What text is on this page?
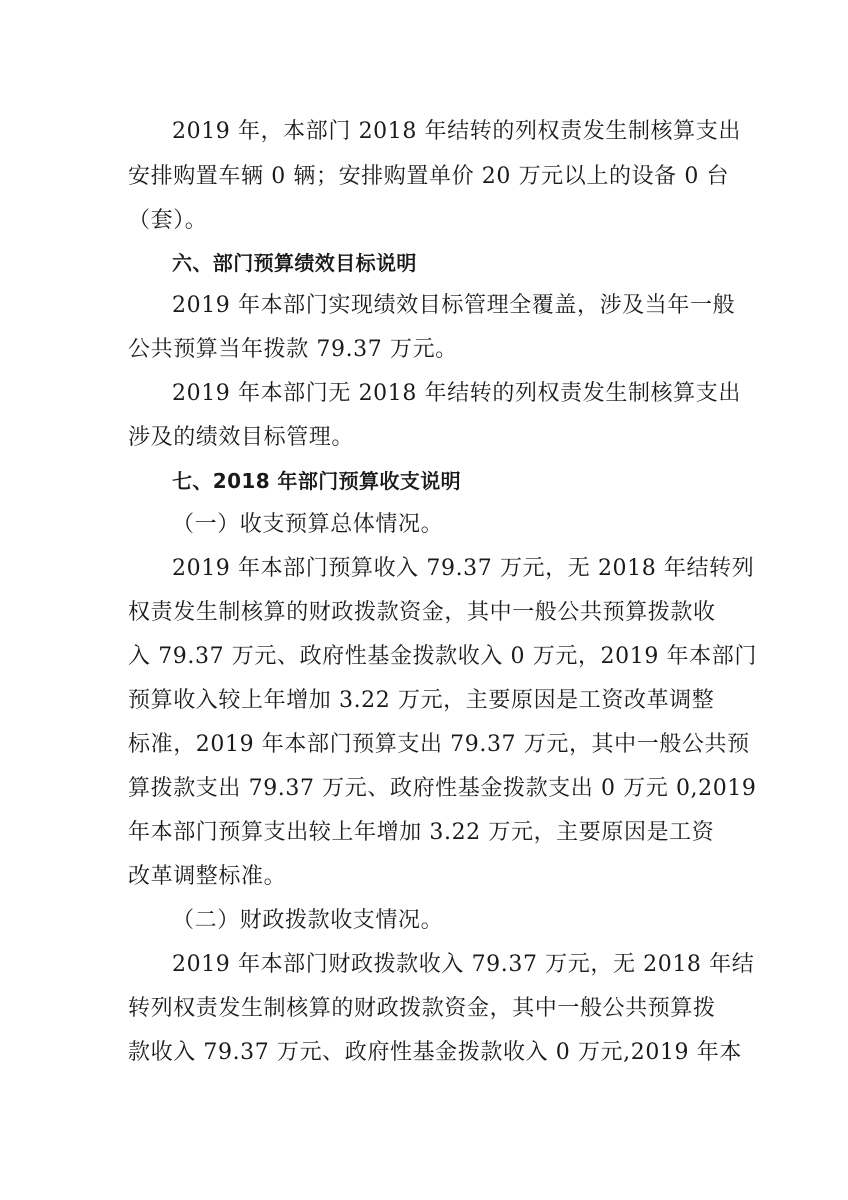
2019 年，本部门 2018 年结转的列权责发生制核算支出
安排购置车辆 0 辆；安排购置单价 20 万元以上的设备 0 台
（套）。
六、部门预算绩效目标说明
2019 年本部门实现绩效目标管理全覆盖，涉及当年一般
公共预算当年拨款 79.37 万元。
2019 年本部门无 2018 年结转的列权责发生制核算支出
涉及的绩效目标管理。
七、2018 年部门预算收支说明
（一）收支预算总体情况。
2019 年本部门预算收入 79.37 万元，无 2018 年结转列
权责发生制核算的财政拨款资金，其中一般公共预算拨款收
入 79.37 万元、政府性基金拨款收入 0 万元，2019 年本部门
预算收入较上年增加 3.22 万元，主要原因是工资改革调整
标准，2019 年本部门预算支出 79.37 万元，其中一般公共预
算拨款支出 79.37 万元、政府性基金拨款支出 0 万元 0,2019
年本部门预算支出较上年增加 3.22 万元，主要原因是工资
改革调整标准。
（二）财政拨款收支情况。
2019 年本部门财政拨款收入 79.37 万元，无 2018 年结
转列权责发生制核算的财政拨款资金，其中一般公共预算拨
款收入 79.37 万元、政府性基金拨款收入 0 万元,2019 年本
